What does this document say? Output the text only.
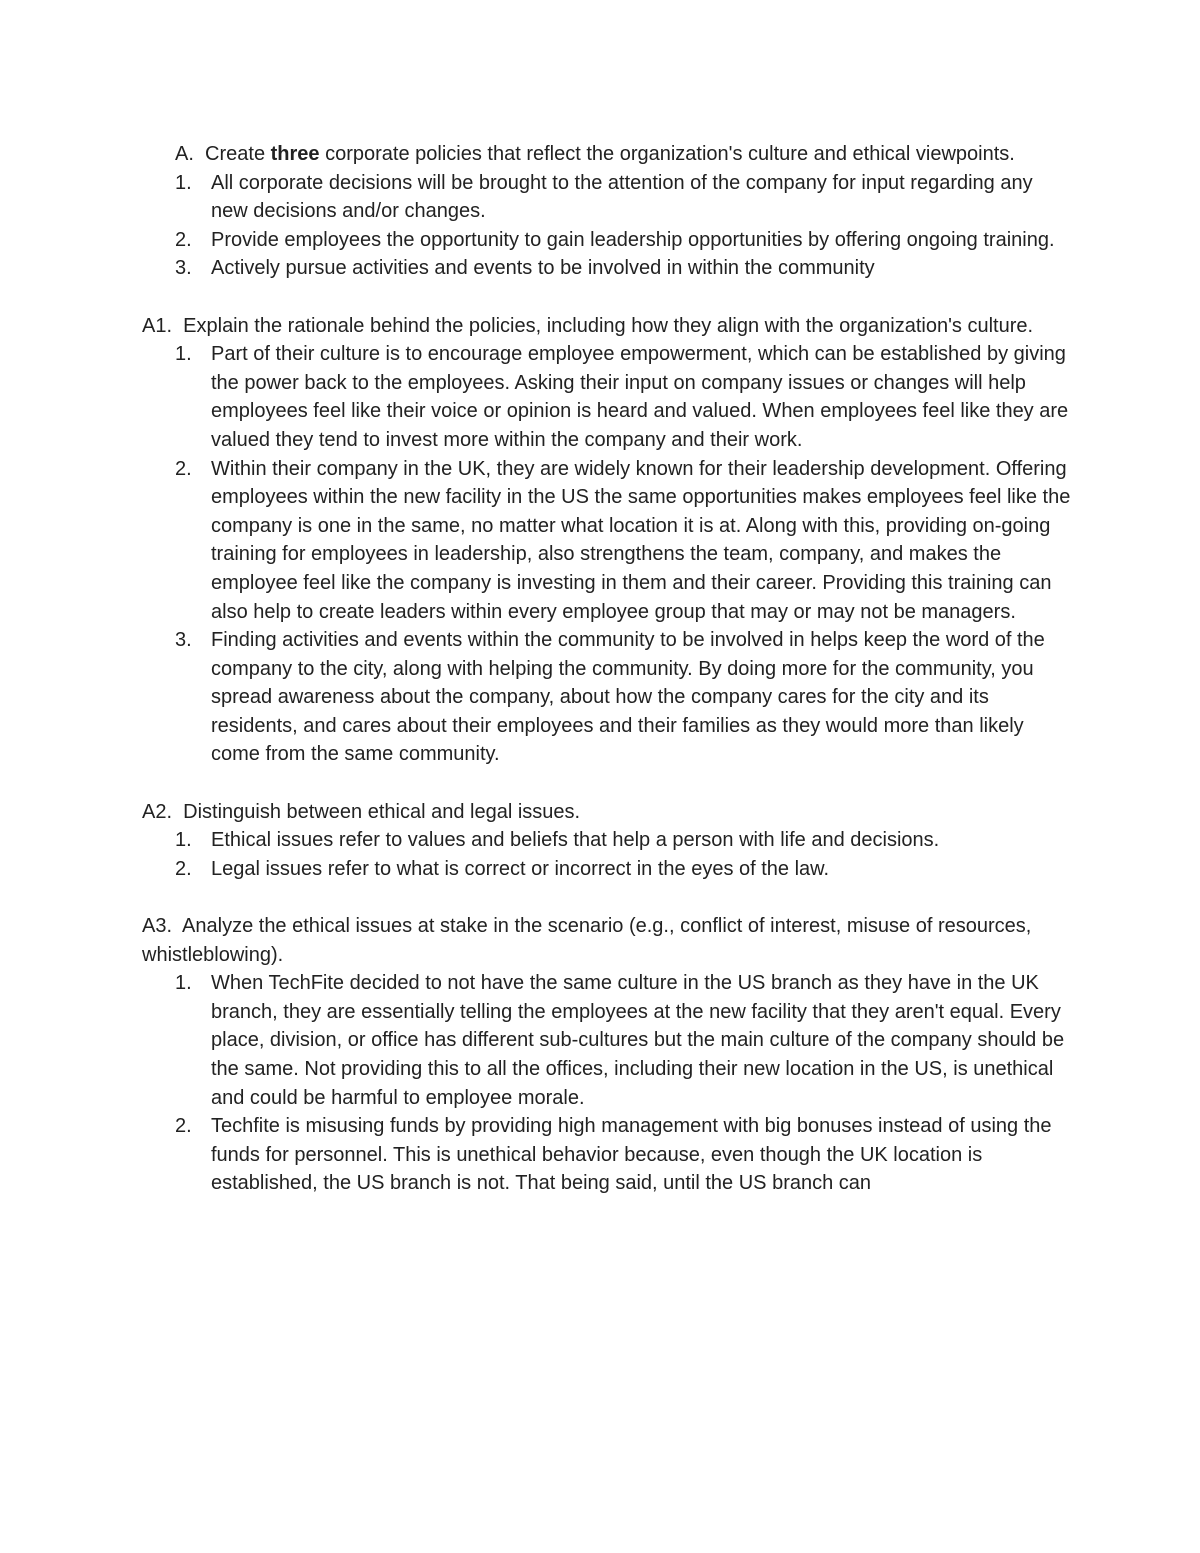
A. Create three corporate policies that reflect the organization's culture and ethical viewpoints.

1. All corporate decisions will be brought to the attention of the company for input regarding any new decisions and/or changes.
2. Provide employees the opportunity to gain leadership opportunities by offering ongoing training.
3. Actively pursue activities and events to be involved in within the community

A1. Explain the rationale behind the policies, including how they align with the organization's culture.

1. Part of their culture is to encourage employee empowerment, which can be established by giving the power back to the employees. Asking their input on company issues or changes will help employees feel like their voice or opinion is heard and valued. When employees feel like they are valued they tend to invest more within the company and their work.
2. Within their company in the UK, they are widely known for their leadership development. Offering employees within the new facility in the US the same opportunities makes employees feel like the company is one in the same, no matter what location it is at. Along with this, providing on-going training for employees in leadership, also strengthens the team, company, and makes the employee feel like the company is investing in them and their career. Providing this training can also help to create leaders within every employee group that may or may not be managers.
3. Finding activities and events within the community to be involved in helps keep the word of the company to the city, along with helping the community. By doing more for the community, you spread awareness about the company, about how the company cares for the city and its residents, and cares about their employees and their families as they would more than likely come from the same community.

A2. Distinguish between ethical and legal issues.

1. Ethical issues refer to values and beliefs that help a person with life and decisions.
2. Legal issues refer to what is correct or incorrect in the eyes of the law.

A3. Analyze the ethical issues at stake in the scenario (e.g., conflict of interest, misuse of resources, whistleblowing).

1. When TechFite decided to not have the same culture in the US branch as they have in the UK branch, they are essentially telling the employees at the new facility that they aren't equal. Every place, division, or office has different sub-cultures but the main culture of the company should be the same. Not providing this to all the offices, including their new location in the US, is unethical and could be harmful to employee morale.
2. Techfite is misusing funds by providing high management with big bonuses instead of using the funds for personnel. This is unethical behavior because, even though the UK location is established, the US branch is not. That being said, until the US branch can
